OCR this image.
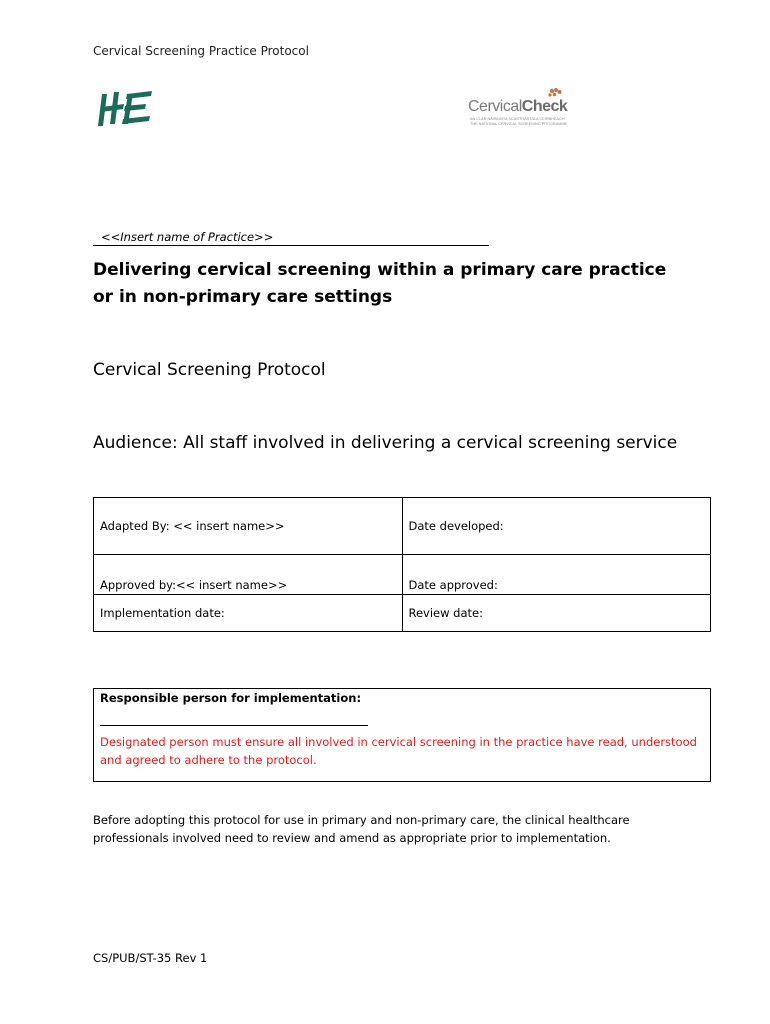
Cervical Screening Practice Protocol
CervicalCheck
AN CLÁR NÁISIÚNTA SCAGTHÁSTÁLA CEIRBHEACH
THE NATIONAL CERVICAL SCREENING PROGRAMME
<<Insert name of Practice>>
Delivering cervical screening within a primary care practice or in non-primary care settings
Cervical Screening Protocol
Audience: All staff involved in delivering a cervical screening service
Adapted By: << insert name>>	Date developed:
Approved by:<< insert name>>	Date approved:
Implementation date:	Review date:
Responsible person for implementation:
Designated person must ensure all involved in cervical screening in the practice have read, understood and agreed to adhere to the protocol.
Before adopting this protocol for use in primary and non-primary care, the clinical healthcare professionals involved need to review and amend as appropriate prior to implementation.
CS/PUB/ST-35 Rev 1
